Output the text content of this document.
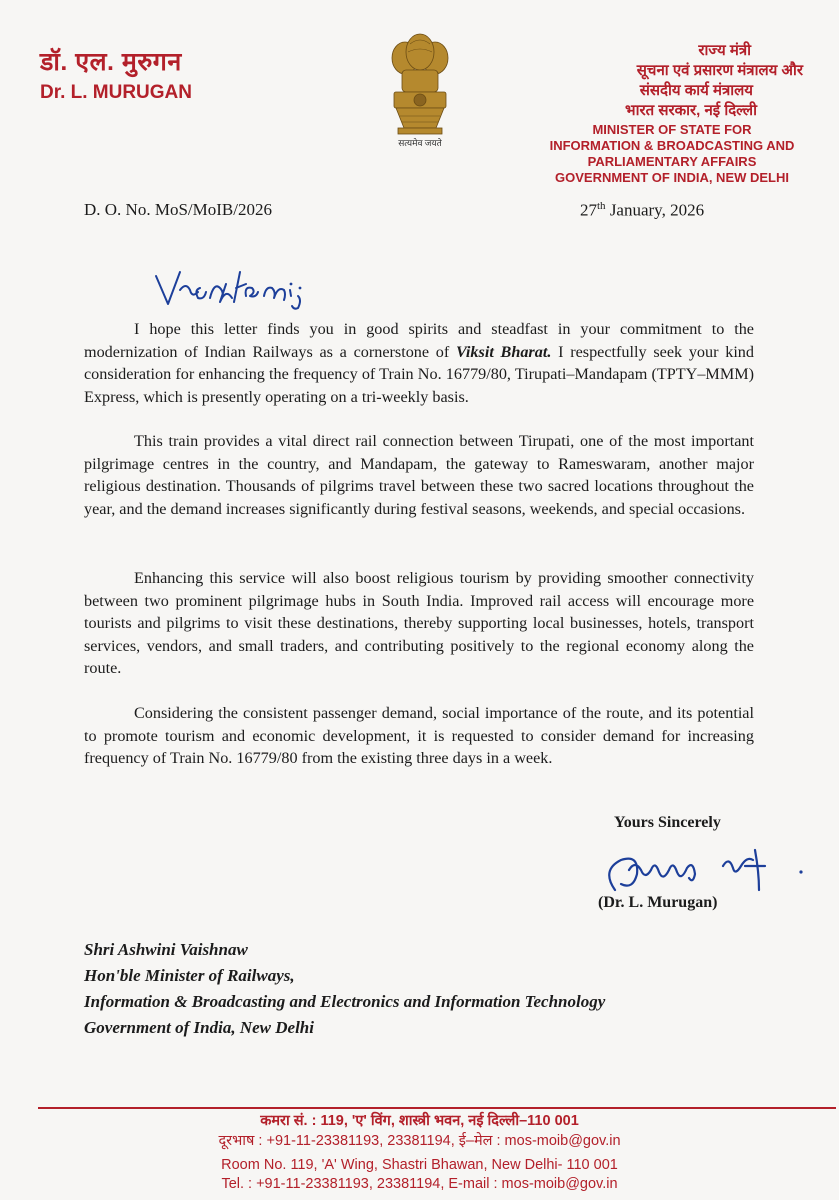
डॉ. एल. मुरुगन
Dr. L. MURUGAN
सत्यमेव जयते
राज्य मंत्री
सूचना एवं प्रसारण मंत्रालय और
संसदीय कार्य मंत्रालय
भारत सरकार, नई दिल्ली
MINISTER OF STATE FOR
INFORMATION & BROADCASTING AND
PARLIAMENTARY AFFAIRS
GOVERNMENT OF INDIA, NEW DELHI
D. O. No. MoS/MoIB/2026	27th January, 2026

I hope this letter finds you in good spirits and steadfast in your commitment to the modernization of Indian Railways as a cornerstone of Viksit Bharat. I respectfully seek your kind consideration for enhancing the frequency of Train No. 16779/80, Tirupati–Mandapam (TPTY–MMM) Express, which is presently operating on a tri-weekly basis.

This train provides a vital direct rail connection between Tirupati, one of the most important pilgrimage centres in the country, and Mandapam, the gateway to Rameswaram, another major religious destination. Thousands of pilgrims travel between these two sacred locations throughout the year, and the demand increases significantly during festival seasons, weekends, and special occasions.

Enhancing this service will also boost religious tourism by providing smoother connectivity between two prominent pilgrimage hubs in South India. Improved rail access will encourage more tourists and pilgrims to visit these destinations, thereby supporting local businesses, hotels, transport services, vendors, and small traders, and contributing positively to the regional economy along the route.

Considering the consistent passenger demand, social importance of the route, and its potential to promote tourism and economic development, it is requested to consider demand for increasing frequency of Train No. 16779/80 from the existing three days in a week.

Yours Sincerely
(Dr. L. Murugan)
Shri Ashwini Vaishnaw
Hon'ble Minister of Railways,
Information & Broadcasting and Electronics and Information Technology
Government of India, New Delhi
कमरा सं. : 119, 'ए' विंग, शास्त्री भवन, नई दिल्ली–110 001
दूरभाष : +91-11-23381193, 23381194, ई–मेल : mos-moib@gov.in
Room No. 119, 'A' Wing, Shastri Bhawan, New Delhi- 110 001
Tel. : +91-11-23381193, 23381194, E-mail : mos-moib@gov.in
